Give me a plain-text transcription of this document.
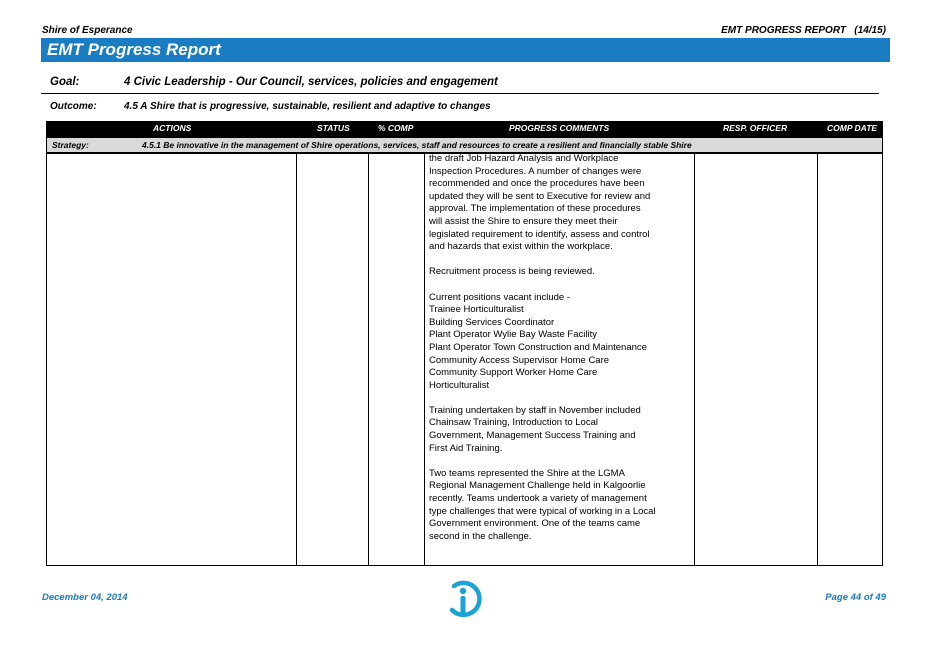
Shire of Esperance	EMT PROGRESS REPORT   (14/15)
EMT Progress Report
Goal:	4 Civic Leadership - Our Council, services, policies and engagement
Outcome:	4.5 A Shire that is progressive, sustainable, resilient and adaptive to changes
ACTIONS	STATUS	% COMP	PROGRESS COMMENTS	RESP. OFFICER	COMP DATE
Strategy:	4.5.1 Be innovative in the management of Shire operations, services, staff and resources to create a resilient and financially stable Shire

the draft Job Hazard Analysis and Workplace
Inspection Procedures. A number of changes were
recommended and once the procedures have been
updated they will be sent to Executive for review and
approval. The implementation of these procedures
will assist the Shire to ensure they meet their
legislated requirement to identify, assess and control
and hazards that exist within the workplace.

Recruitment process is being reviewed.

Current positions vacant include -
Trainee Horticulturalist
Building Services Coordinator
Plant Operator Wylie Bay Waste Facility
Plant Operator Town Construction and Maintenance
Community Access Supervisor Home Care
Community Support Worker Home Care
Horticulturalist

Training undertaken by staff in November included
Chainsaw Training, Introduction to Local
Government, Management Success Training and
First Aid Training.

Two teams represented the Shire at the LGMA
Regional Management Challenge held in Kalgoorlie
recently. Teams undertook a variety of management
type challenges that were typical of working in a Local
Government environment. One of the teams came
second in the challenge.

December 04, 2014	Page 44 of 49
